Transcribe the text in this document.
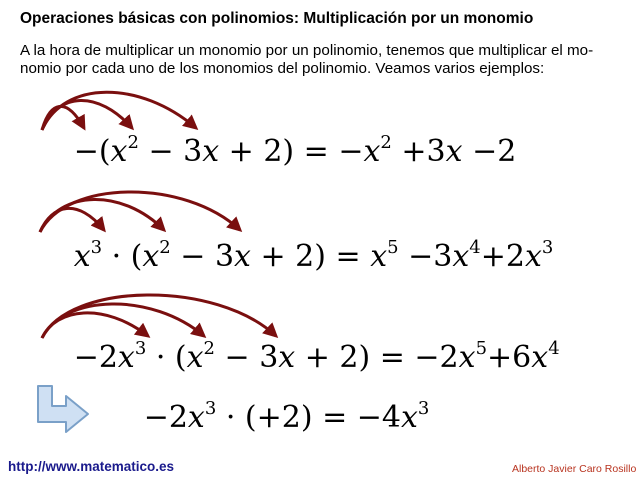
Operaciones básicas con polinomios: Multiplicación por un monomio
A la hora de multiplicar un monomio por un polinomio, tenemos que multiplicar el mo-
nomio por cada uno de los monomios del polinomio. Veamos varios ejemplos:
$-(x^2 - 3x + 2) = -x^2 +3x -2$
$x^3 \cdot (x^2 - 3x + 2) = x^5 -3x^4+2x^3$
$-2x^3 \cdot (x^2 - 3x + 2) = -2x^5+6x^4$
$-2x^3 \cdot (+2) = -4x^3$
http://www.matematico.es	Alberto Javier Caro Rosillo
